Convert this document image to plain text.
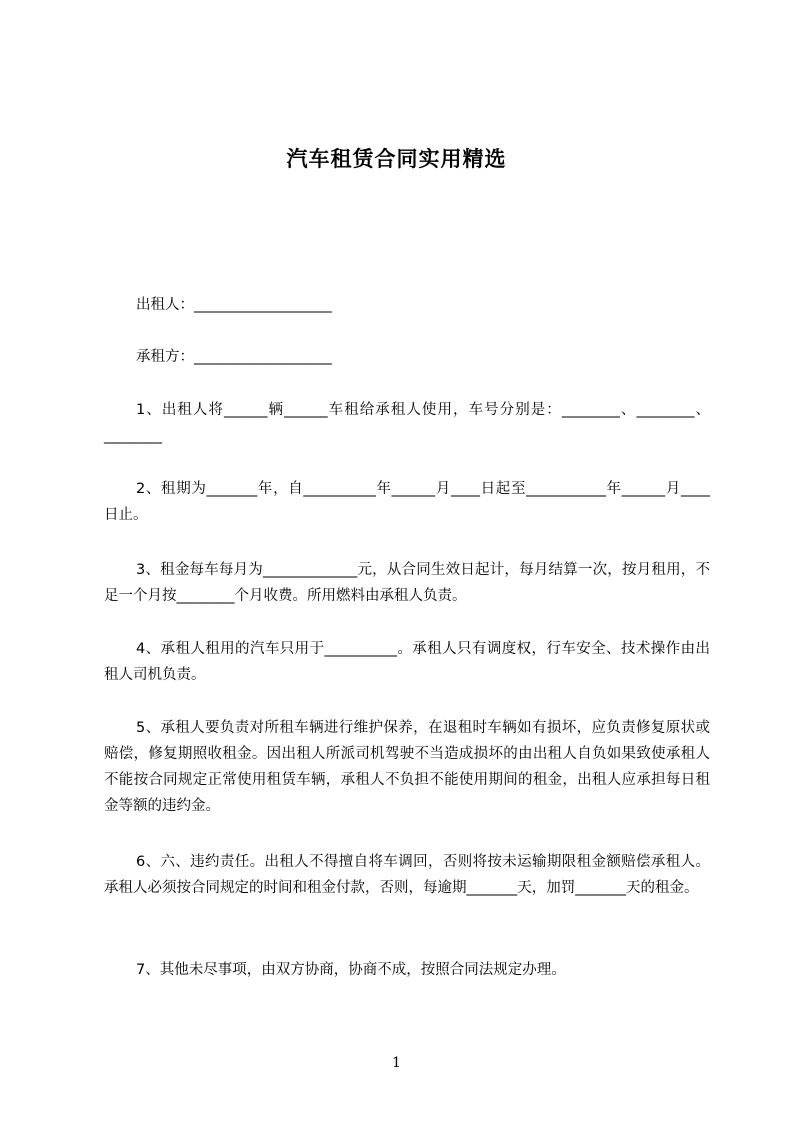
汽车租赁合同实用精选

出租人：___________________

承租方：___________________

1、出租人将______辆______车租给承租人使用，车号分别是：________、________、________

2、租期为_______年，自__________年______月____日起至___________年______月____日止。

3、租金每车每月为_____________元，从合同生效日起计，每月结算一次，按月租用，不足一个月按________个月收费。所用燃料由承租人负责。

4、承租人租用的汽车只用于__________。承租人只有调度权，行车安全、技术操作由出租人司机负责。

5、承租人要负责对所租车辆进行维护保养，在退租时车辆如有损坏，应负责修复原状或赔偿，修复期照收租金。因出租人所派司机驾驶不当造成损坏的由出租人自负如果致使承租人不能按合同规定正常使用租赁车辆，承租人不负担不能使用期间的租金，出租人应承担每日租金等额的违约金。

6、六、违约责任。出租人不得擅自将车调回，否则将按未运输期限租金额赔偿承租人。承租人必须按合同规定的时间和租金付款，否则，每逾期_______天，加罚_______天的租金。

7、其他未尽事项，由双方协商，协商不成，按照合同法规定办理。

1
